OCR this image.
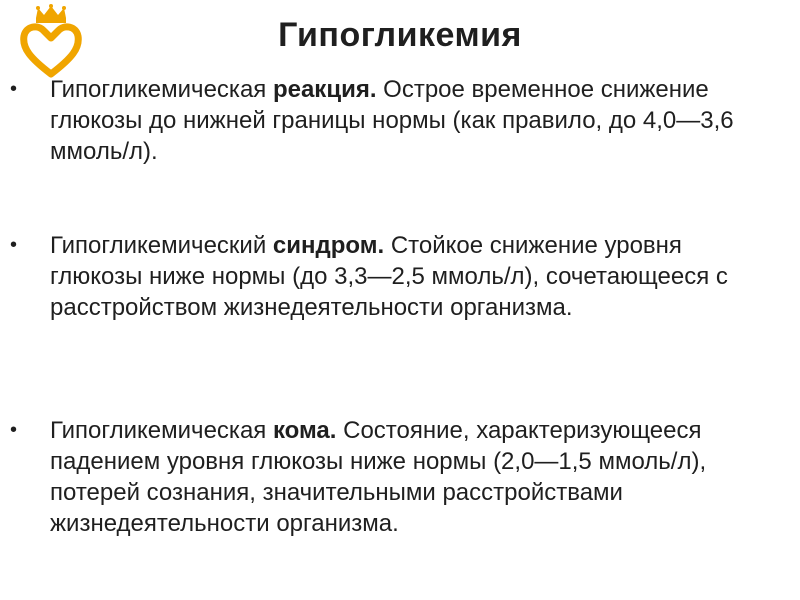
Гипогликемия
• Гипогликемическая реакция. Острое временное снижение глюкозы до нижней границы нормы (как правило, до 4,0—3,6 ммоль/л).
• Гипогликемический синдром. Стойкое снижение уровня глюкозы ниже нормы (до 3,3—2,5 ммоль/л), сочетающееся с расстройством жизнедеятельности организма.
• Гипогликемическая кома. Состояние, характеризующееся падением уровня глюкозы ниже нормы (2,0—1,5 ммоль/л), потерей сознания, значительными расстройствами жизнедеятельности организма.
